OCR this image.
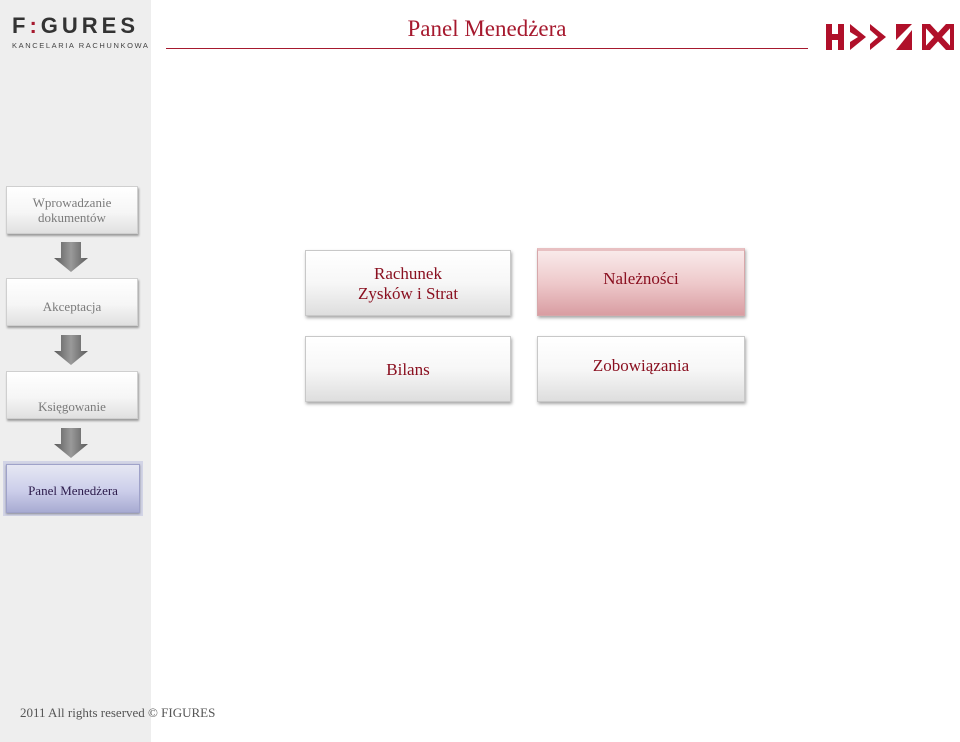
F:GURES
KANCELARIA RACHUNKOWA
Panel Menedżera
Wprowadzanie
dokumentów
Akceptacja
Księgowanie
Panel Menedżera
Rachunek
Zysków i Strat
Należności
Bilans	Zobowiązania
2011 All rights reserved © FIGURES
